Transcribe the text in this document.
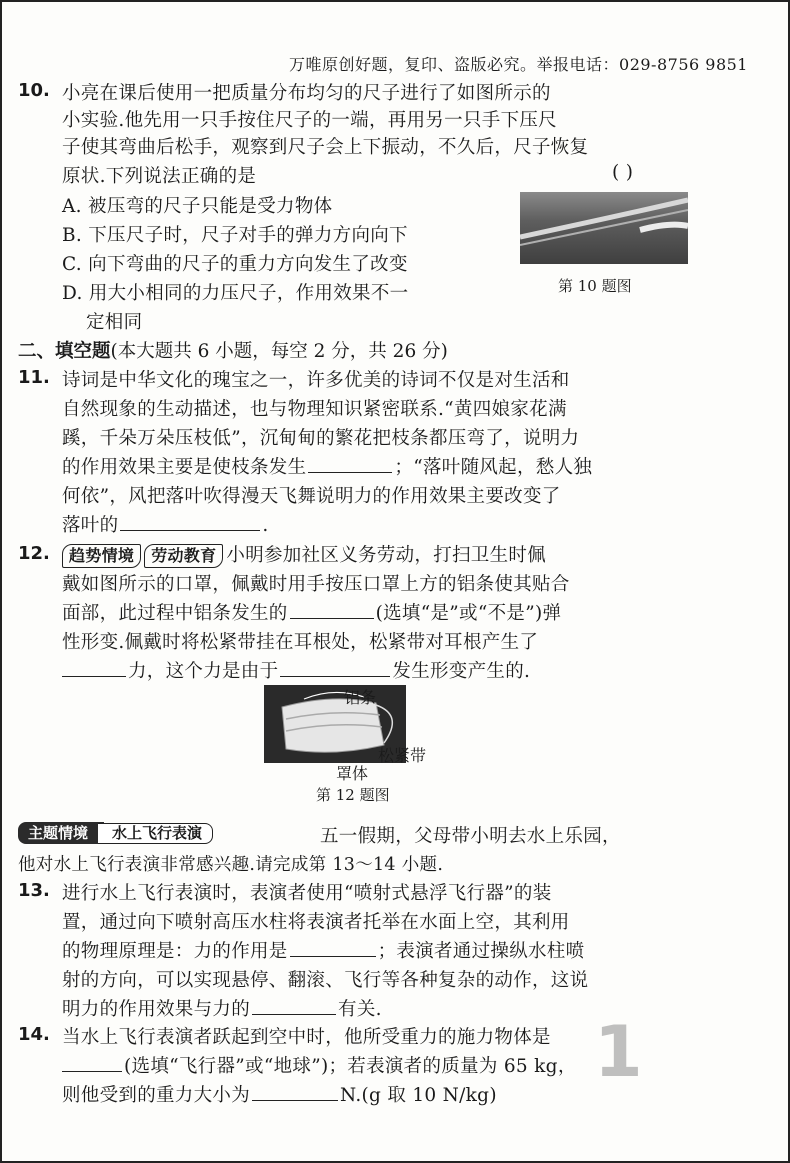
万唯原创好题，复印、盗版必究。举报电话：029-8756 9851
10. 小亮在课后使用一把质量分布均匀的尺子进行了如图所示的
小实验.他先用一只手按住尺子的一端，再用另一只手下压尺
子使其弯曲后松手，观察到尺子会上下振动，不久后，尺子恢复
原状.下列说法正确的是	( )
A. 被压弯的尺子只能是受力物体
B. 下压尺子时，尺子对手的弹力方向向下
C. 向下弯曲的尺子的重力方向发生了改变
D. 用大小相同的力压尺子，作用效果不一
定相同
第 10 题图
二、填空题(本大题共 6 小题，每空 2 分，共 26 分)
11. 诗词是中华文化的瑰宝之一，许多优美的诗词不仅是对生活和
自然现象的生动描述，也与物理知识紧密联系.“黄四娘家花满
蹊，千朵万朵压枝低”，沉甸甸的繁花把枝条都压弯了，说明力
的作用效果主要是使枝条发生	；“落叶随风起，愁人独
何依”，风把落叶吹得漫天飞舞说明力的作用效果主要改变了
落叶的	.
12.	趋势情境 劳动教育 小明参加社区义务劳动，打扫卫生时佩
戴如图所示的口罩，佩戴时用手按压口罩上方的铝条使其贴合
面部，此过程中铝条发生的	(选填“是”或“不是”)弹
性形变.佩戴时将松紧带挂在耳根处，松紧带对耳根产生了
力，这个力是由于	发生形变产生的.
铝条
松紧带
罩体
第 12 题图
主题情境 水上飞行表演	五一假期，父母带小明去水上乐园，
他对水上飞行表演非常感兴趣.请完成第 13～14 小题.
13. 进行水上飞行表演时，表演者使用“喷射式悬浮飞行器”的装
置，通过向下喷射高压水柱将表演者托举在水面上空，其利用
的物理原理是：力的作用是	；表演者通过操纵水柱喷
射的方向，可以实现悬停、翻滚、飞行等各种复杂的动作，这说
明力的作用效果与力的	有关.
14. 当水上飞行表演者跃起到空中时，他所受重力的施力物体是
(选填“飞行器”或“地球”)；若表演者的质量为 65 kg，
则他受到的重力大小为	N.(g 取 10 N/kg)
1
